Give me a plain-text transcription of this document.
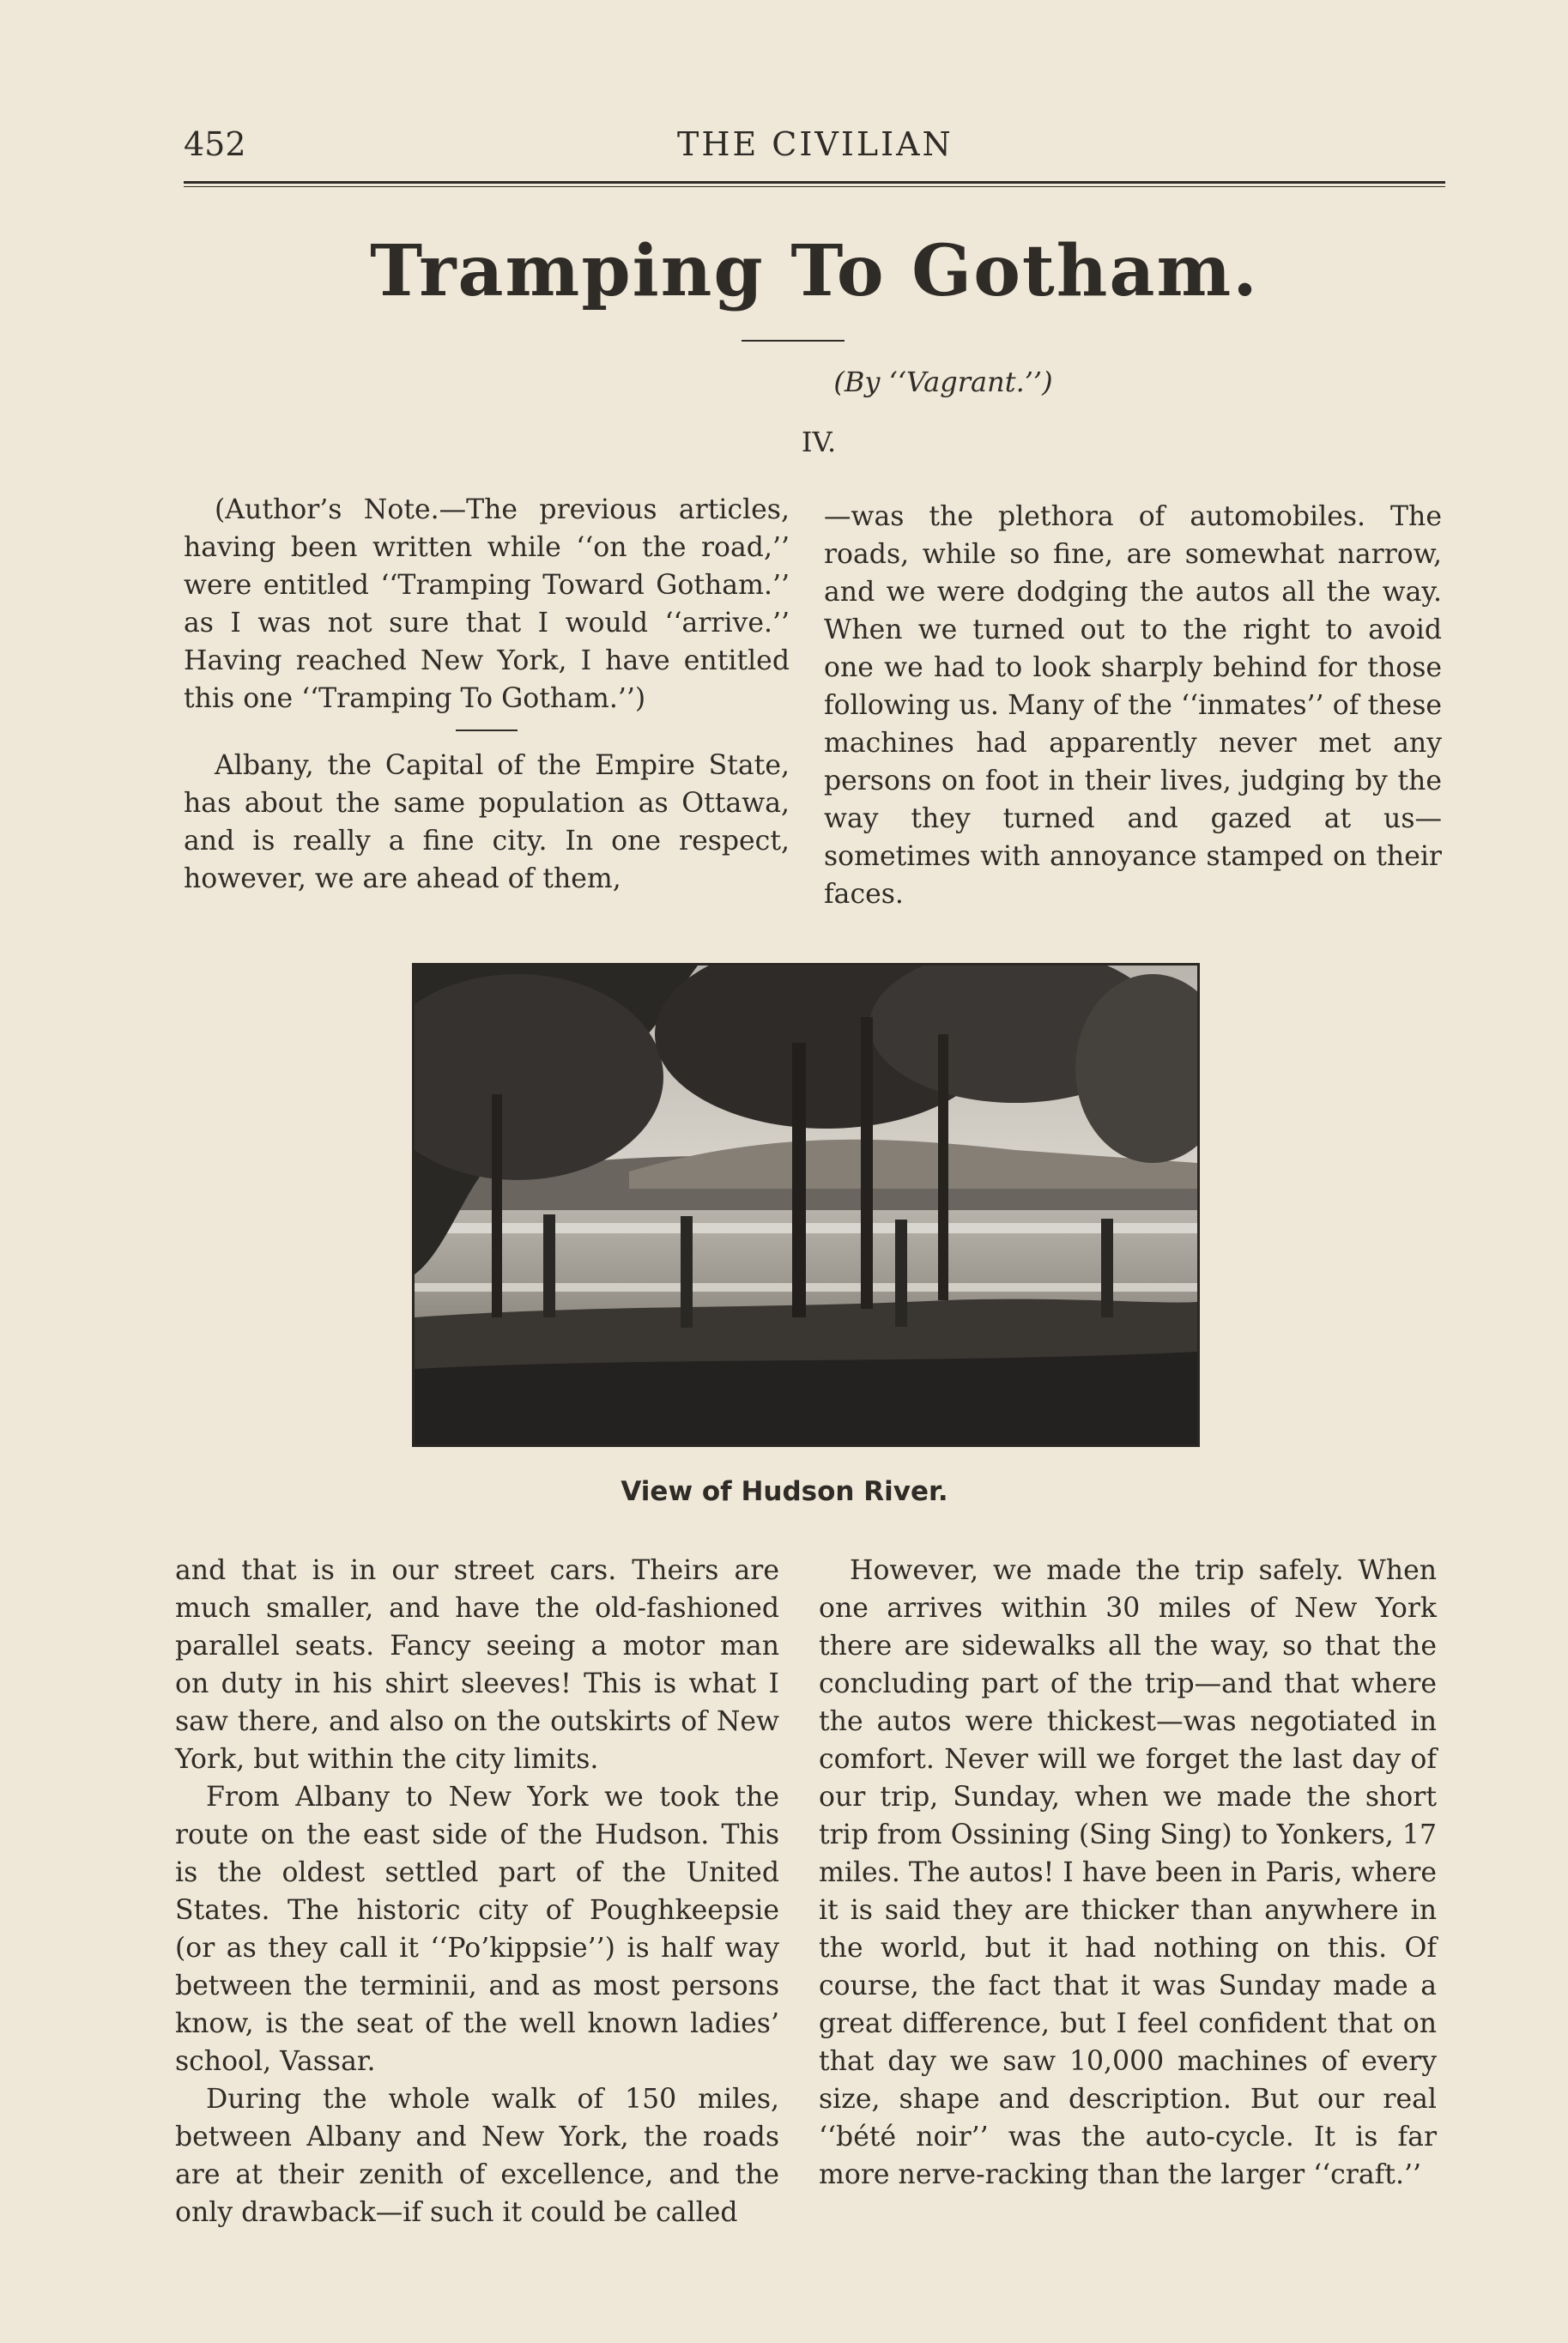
452	THE CIVILIAN
Tramping To Gotham.
(By ‘‘Vagrant.’’)
IV.

(Author’s Note.—The previous articles, having been written while ‘‘on the road,’’ were entitled ‘‘Tramping Toward Gotham.’’ as I was not sure that I would ‘‘arrive.’’ Having reached New York, I have entitled this one ‘‘Tramping To Gotham.’’)

Albany, the Capital of the Empire State, has about the same population as Ottawa, and is really a fine city. In one respect, however, we are ahead of them,

—was the plethora of automobiles. The roads, while so fine, are somewhat narrow, and we were dodging the autos all the way. When we turned out to the right to avoid one we had to look sharply behind for those following us. Many of the ‘‘inmates’’ of these machines had apparently never met any persons on foot in their lives, judging by the way they turned and gazed at us—sometimes with annoyance stamped on their faces.

View of Hudson River.

and that is in our street cars. Theirs are much smaller, and have the old-fashioned parallel seats. Fancy seeing a motor man on duty in his shirt sleeves! This is what I saw there, and also on the outskirts of New York, but within the city limits.

From Albany to New York we took the route on the east side of the Hudson. This is the oldest settled part of the United States. The historic city of Poughkeepsie (or as they call it ‘‘Po’kippsie’’) is half way between the terminii, and as most persons know, is the seat of the well known ladies’ school, Vassar.

During the whole walk of 150 miles, between Albany and New York, the roads are at their zenith of excellence, and the only drawback—if such it could be called

However, we made the trip safely. When one arrives within 30 miles of New York there are sidewalks all the way, so that the concluding part of the trip—and that where the autos were thickest—was negotiated in comfort. Never will we forget the last day of our trip, Sunday, when we made the short trip from Ossining (Sing Sing) to Yonkers, 17 miles. The autos! I have been in Paris, where it is said they are thicker than anywhere in the world, but it had nothing on this. Of course, the fact that it was Sunday made a great difference, but I feel confident that on that day we saw 10,000 machines of every size, shape and description. But our real ‘‘bété noir’’ was the auto-cycle. It is far more nerve-racking than the larger ‘‘craft.’’
